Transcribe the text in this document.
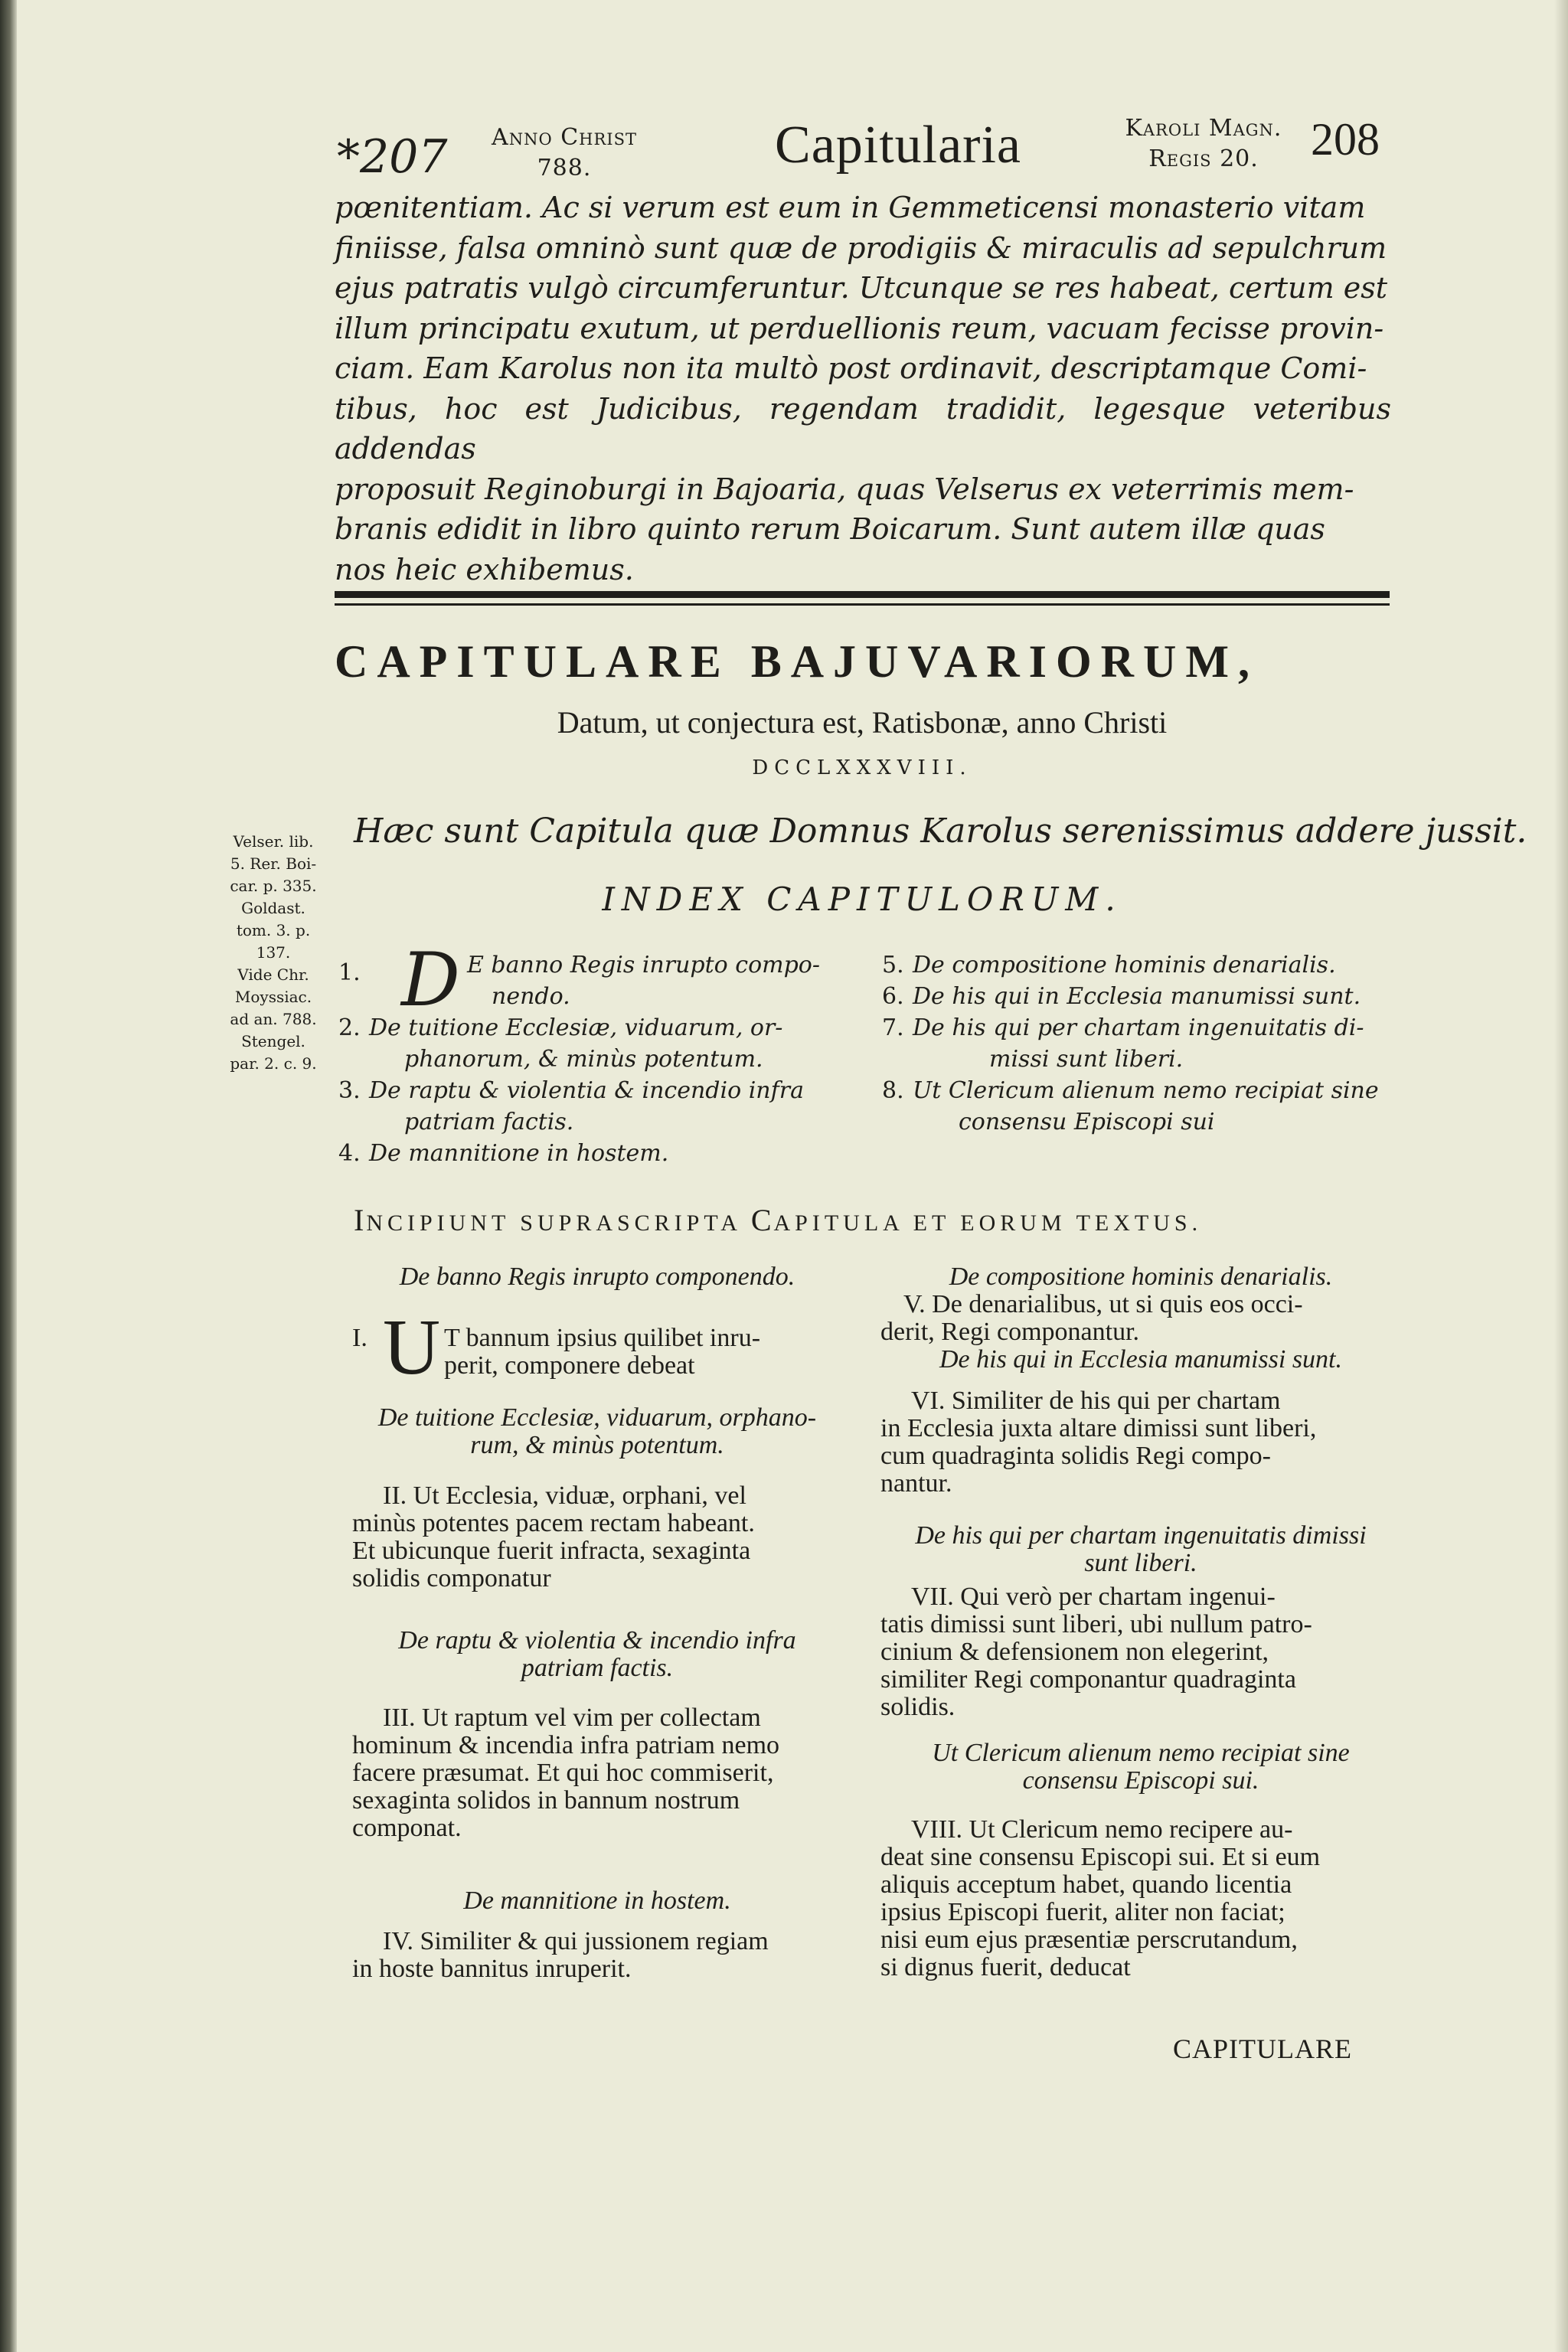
*207	Anno Christ
788.	Capitularia	Karoli Magn.
Regis 20.	208
pœnitentiam. Ac si verum est eum in Gemmeticensi monasterio vitam
finiisse, falsa omninò sunt quæ de prodigiis & miraculis ad sepulchrum
ejus patratis vulgò circumferuntur. Utcunque se res habeat, certum est
illum principatu exutum, ut perduellionis reum, vacuam fecisse provin-
ciam. Eam Karolus non ita multò post ordinavit, descriptamque Comi-
tibus, hoc est Judicibus, regendam tradidit, legesque veteribus addendas
proposuit Reginoburgi in Bajoaria, quas Velserus ex veterrimis mem-
branis edidit in libro quinto rerum Boicarum. Sunt autem illæ quas
nos heic exhibemus.
CAPITULARE BAJUVARIORUM,
Datum, ut conjectura est, Ratisbonæ, anno Christi
DCCLXXXVIII.
Velser. lib.
5. Rer. Boi-
car. p. 335.
Goldast.
tom. 3. p.
137.
Vide Chr.
Moyssiac.
ad an. 788.
Stengel.
par. 2. c. 9.
Hæc sunt Capitula quæ Domnus Karolus serenissimus addere jussit.
INDEX CAPITULORUM.
1. D E banno Regis inrupto compo-
nendo.
2. De tuitione Ecclesiæ, viduarum, or-
phanorum, & minùs potentum.
3. De raptu & violentia & incendio infra
patriam factis.
4. De mannitione in hostem.
5. De compositione hominis denarialis.
6. De his qui in Ecclesia manumissi sunt.
7. De his qui per chartam ingenuitatis di-
missi sunt liberi.
8. Ut Clericum alienum nemo recipiat sine
consensu Episcopi sui
INCIPIUNT SUPRASCRIPTA CAPITULA ET EORUM TEXTUS.
De banno Regis inrupto componendo.
I. U T bannum ipsius quilibet inru-
perit, componere debeat
De tuitione Ecclesiæ, viduarum, orphano-
rum, & minùs potentum.
II. Ut Ecclesia, viduæ, orphani, vel
minùs potentes pacem rectam habeant.
Et ubicunque fuerit infracta, sexaginta
solidis componatur
De raptu & violentia & incendio infra
patriam factis.
III. Ut raptum vel vim per collectam
hominum & incendia infra patriam nemo
facere præsumat. Et qui hoc commiserit,
sexaginta solidos in bannum nostrum
componat.
De mannitione in hostem.
IV. Similiter & qui jussionem regiam
in hoste bannitus inruperit.
De compositione hominis denarialis.
V. De denarialibus, ut si quis eos occi-
derit, Regi componantur.
De his qui in Ecclesia manumissi sunt.
VI. Similiter de his qui per chartam
in Ecclesia juxta altare dimissi sunt liberi,
cum quadraginta solidis Regi compo-
nantur.
De his qui per chartam ingenuitatis dimissi
sunt liberi.
VII. Qui verò per chartam ingenui-
tatis dimissi sunt liberi, ubi nullum patro-
cinium & defensionem non elegerint,
similiter Regi componantur quadraginta
solidis.
Ut Clericum alienum nemo recipiat sine
consensu Episcopi sui.
VIII. Ut Clericum nemo recipere au-
deat sine consensu Episcopi sui. Et si eum
aliquis acceptum habet, quando licentia
ipsius Episcopi fuerit, aliter non faciat;
nisi eum ejus præsentiæ perscrutandum,
si dignus fuerit, deducat
CAPITULARE
